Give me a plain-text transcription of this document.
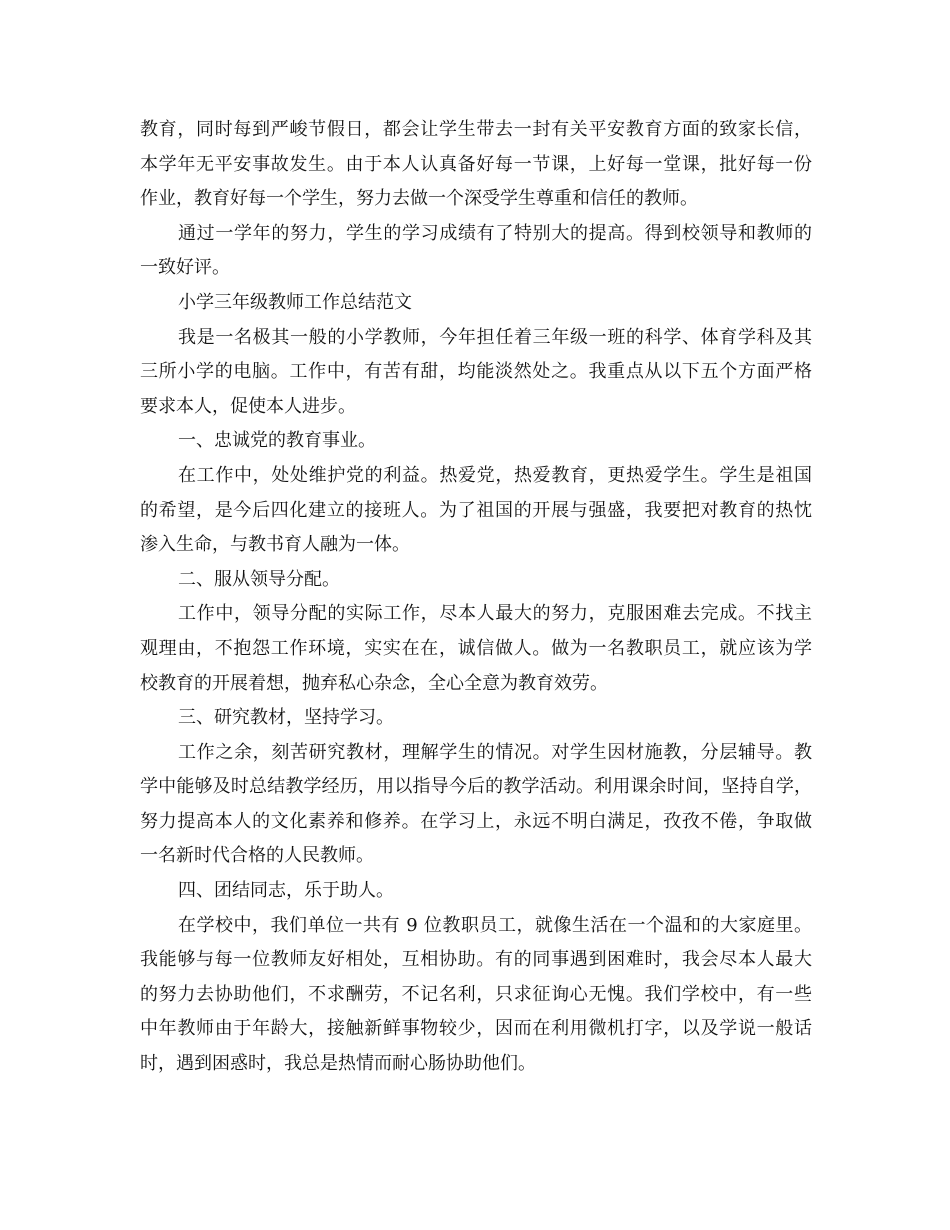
教育，同时每到严峻节假日，都会让学生带去一封有关平安教育方面的致家长信，
本学年无平安事故发生。由于本人认真备好每一节课，上好每一堂课，批好每一份
作业，教育好每一个学生，努力去做一个深受学生尊重和信任的教师。
通过一学年的努力，学生的学习成绩有了特别大的提高。得到校领导和教师的
一致好评。
小学三年级教师工作总结范文
我是一名极其一般的小学教师，今年担任着三年级一班的科学、体育学科及其
三所小学的电脑。工作中，有苦有甜，均能淡然处之。我重点从以下五个方面严格
要求本人，促使本人进步。
一、忠诚党的教育事业。
在工作中，处处维护党的利益。热爱党，热爱教育，更热爱学生。学生是祖国
的希望，是今后四化建立的接班人。为了祖国的开展与强盛，我要把对教育的热忱
渗入生命，与教书育人融为一体。
二、服从领导分配。
工作中，领导分配的实际工作，尽本人最大的努力，克服困难去完成。不找主
观理由，不抱怨工作环境，实实在在，诚信做人。做为一名教职员工，就应该为学
校教育的开展着想，抛弃私心杂念，全心全意为教育效劳。
三、研究教材，坚持学习。
工作之余，刻苦研究教材，理解学生的情况。对学生因材施教，分层辅导。教
学中能够及时总结教学经历，用以指导今后的教学活动。利用课余时间，坚持自学，
努力提高本人的文化素养和修养。在学习上，永远不明白满足，孜孜不倦，争取做
一名新时代合格的人民教师。
四、团结同志，乐于助人。
在学校中，我们单位一共有 9 位教职员工，就像生活在一个温和的大家庭里。
我能够与每一位教师友好相处，互相协助。有的同事遇到困难时，我会尽本人最大
的努力去协助他们，不求酬劳，不记名利，只求征询心无愧。我们学校中，有一些
中年教师由于年龄大，接触新鲜事物较少，因而在利用微机打字，以及学说一般话
时，遇到困惑时，我总是热情而耐心肠协助他们。
